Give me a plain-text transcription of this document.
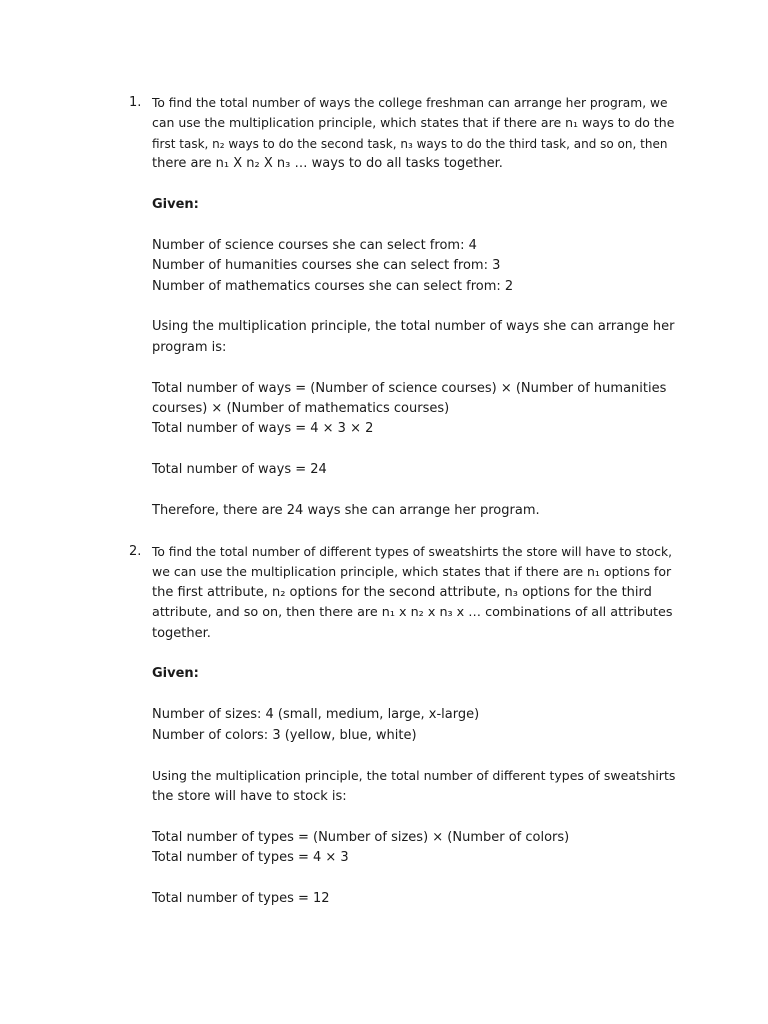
1. To find the total number of ways the college freshman can arrange her program, we
can use the multiplication principle, which states that if there are n₁ ways to do the
first task, n₂ ways to do the second task, n₃ ways to do the third task, and so on, then
there are n₁ X n₂ X n₃ … ways to do all tasks together.
Given:
Number of science courses she can select from: 4
Number of humanities courses she can select from: 3
Number of mathematics courses she can select from: 2
Using the multiplication principle, the total number of ways she can arrange her
program is:
Total number of ways = (Number of science courses) × (Number of humanities
courses) × (Number of mathematics courses)
Total number of ways = 4 × 3 × 2
Total number of ways = 24
Therefore, there are 24 ways she can arrange her program.
2. To find the total number of different types of sweatshirts the store will have to stock,
we can use the multiplication principle, which states that if there are n₁ options for
the first attribute, n₂ options for the second attribute, n₃ options for the third
attribute, and so on, then there are n₁ x n₂ x n₃ x … combinations of all attributes
together.
Given:
Number of sizes: 4 (small, medium, large, x-large)
Number of colors: 3 (yellow, blue, white)
Using the multiplication principle, the total number of different types of sweatshirts
the store will have to stock is:
Total number of types = (Number of sizes) × (Number of colors)
Total number of types = 4 × 3
Total number of types = 12
